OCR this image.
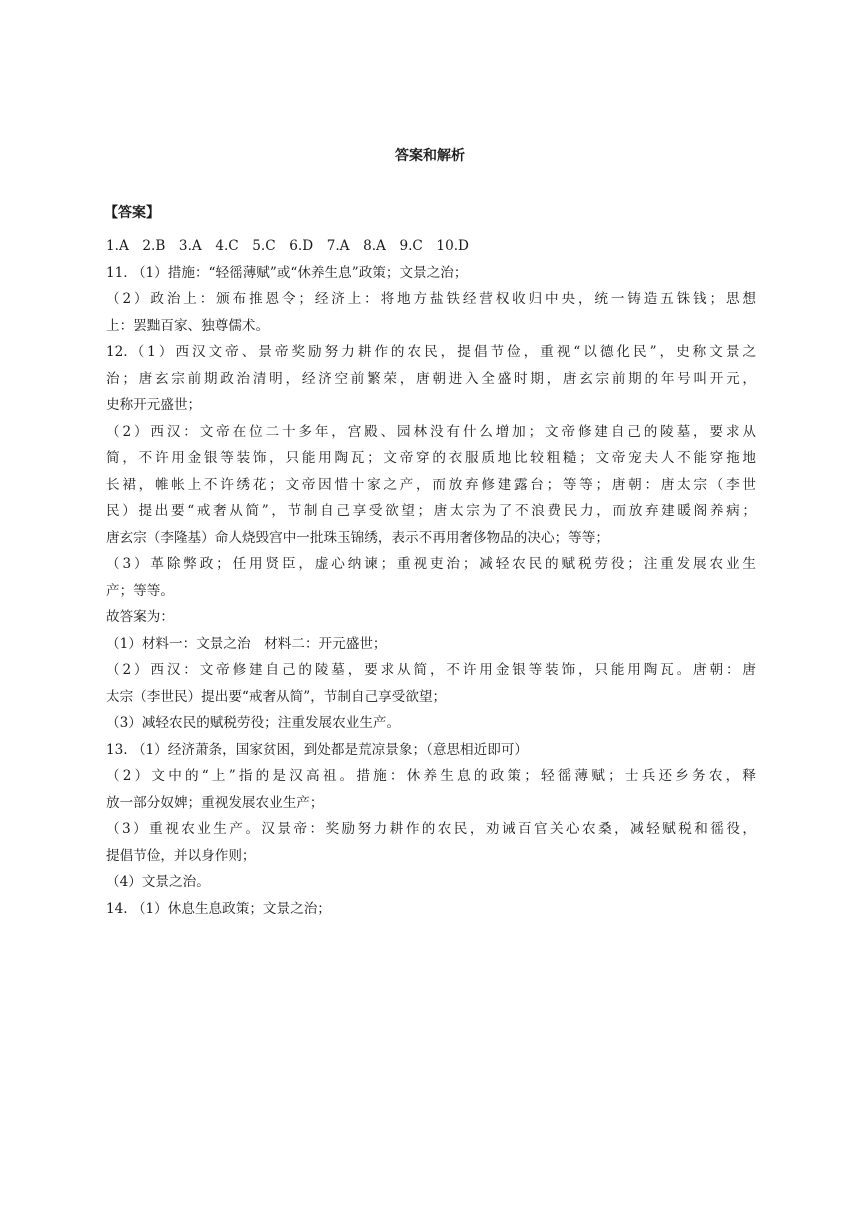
答案和解析
【答案】
1.A　2.B　3.A　4.C　5.C　6.D　7.A　8.A　9.C　10.D
11. （1）措施：“轻徭薄赋”或“休养生息”政策；文景之治；
（2）政治上：颁布推恩令；经济上：将地方盐铁经营权收归中央，统一铸造五铢钱；思想
上：罢黜百家、独尊儒术。
12.（1）西汉文帝、景帝奖励努力耕作的农民，提倡节俭，重视“以德化民”，史称文景之
治；唐玄宗前期政治清明，经济空前繁荣，唐朝进入全盛时期，唐玄宗前期的年号叫开元，
史称开元盛世；
（2）西汉：文帝在位二十多年，宫殿、园林没有什么增加；文帝修建自己的陵墓，要求从
简，不许用金银等装饰，只能用陶瓦；文帝穿的衣服质地比较粗糙；文帝宠夫人不能穿拖地
长裙，帷帐上不许绣花；文帝因惜十家之产，而放弃修建露台；等等；唐朝：唐太宗（李世
民）提出要“戒奢从简”，节制自己享受欲望；唐太宗为了不浪费民力，而放弃建暖阁养病；
唐玄宗（李隆基）命人烧毁宫中一批珠玉锦绣，表示不再用奢侈物品的决心；等等；
（3）革除弊政；任用贤臣，虚心纳谏；重视吏治；减轻农民的赋税劳役；注重发展农业生
产；等等。
故答案为：
（1）材料一：文景之治　材料二：开元盛世；
（2）西汉：文帝修建自己的陵墓，要求从简，不许用金银等装饰，只能用陶瓦。唐朝：唐
太宗（李世民）提出要“戒奢从简”，节制自己享受欲望；
（3）减轻农民的赋税劳役；注重发展农业生产。
13. （1）经济萧条，国家贫困，到处都是荒凉景象；（意思相近即可）
（2）文中的“上”指的是汉高祖。措施：休养生息的政策；轻徭薄赋；士兵还乡务农，释
放一部分奴婢；重视发展农业生产；
（3）重视农业生产。汉景帝：奖励努力耕作的农民，劝诫百官关心农桑，减轻赋税和徭役，
提倡节俭，并以身作则；
（4）文景之治。
14. （1）休息生息政策；文景之治；
